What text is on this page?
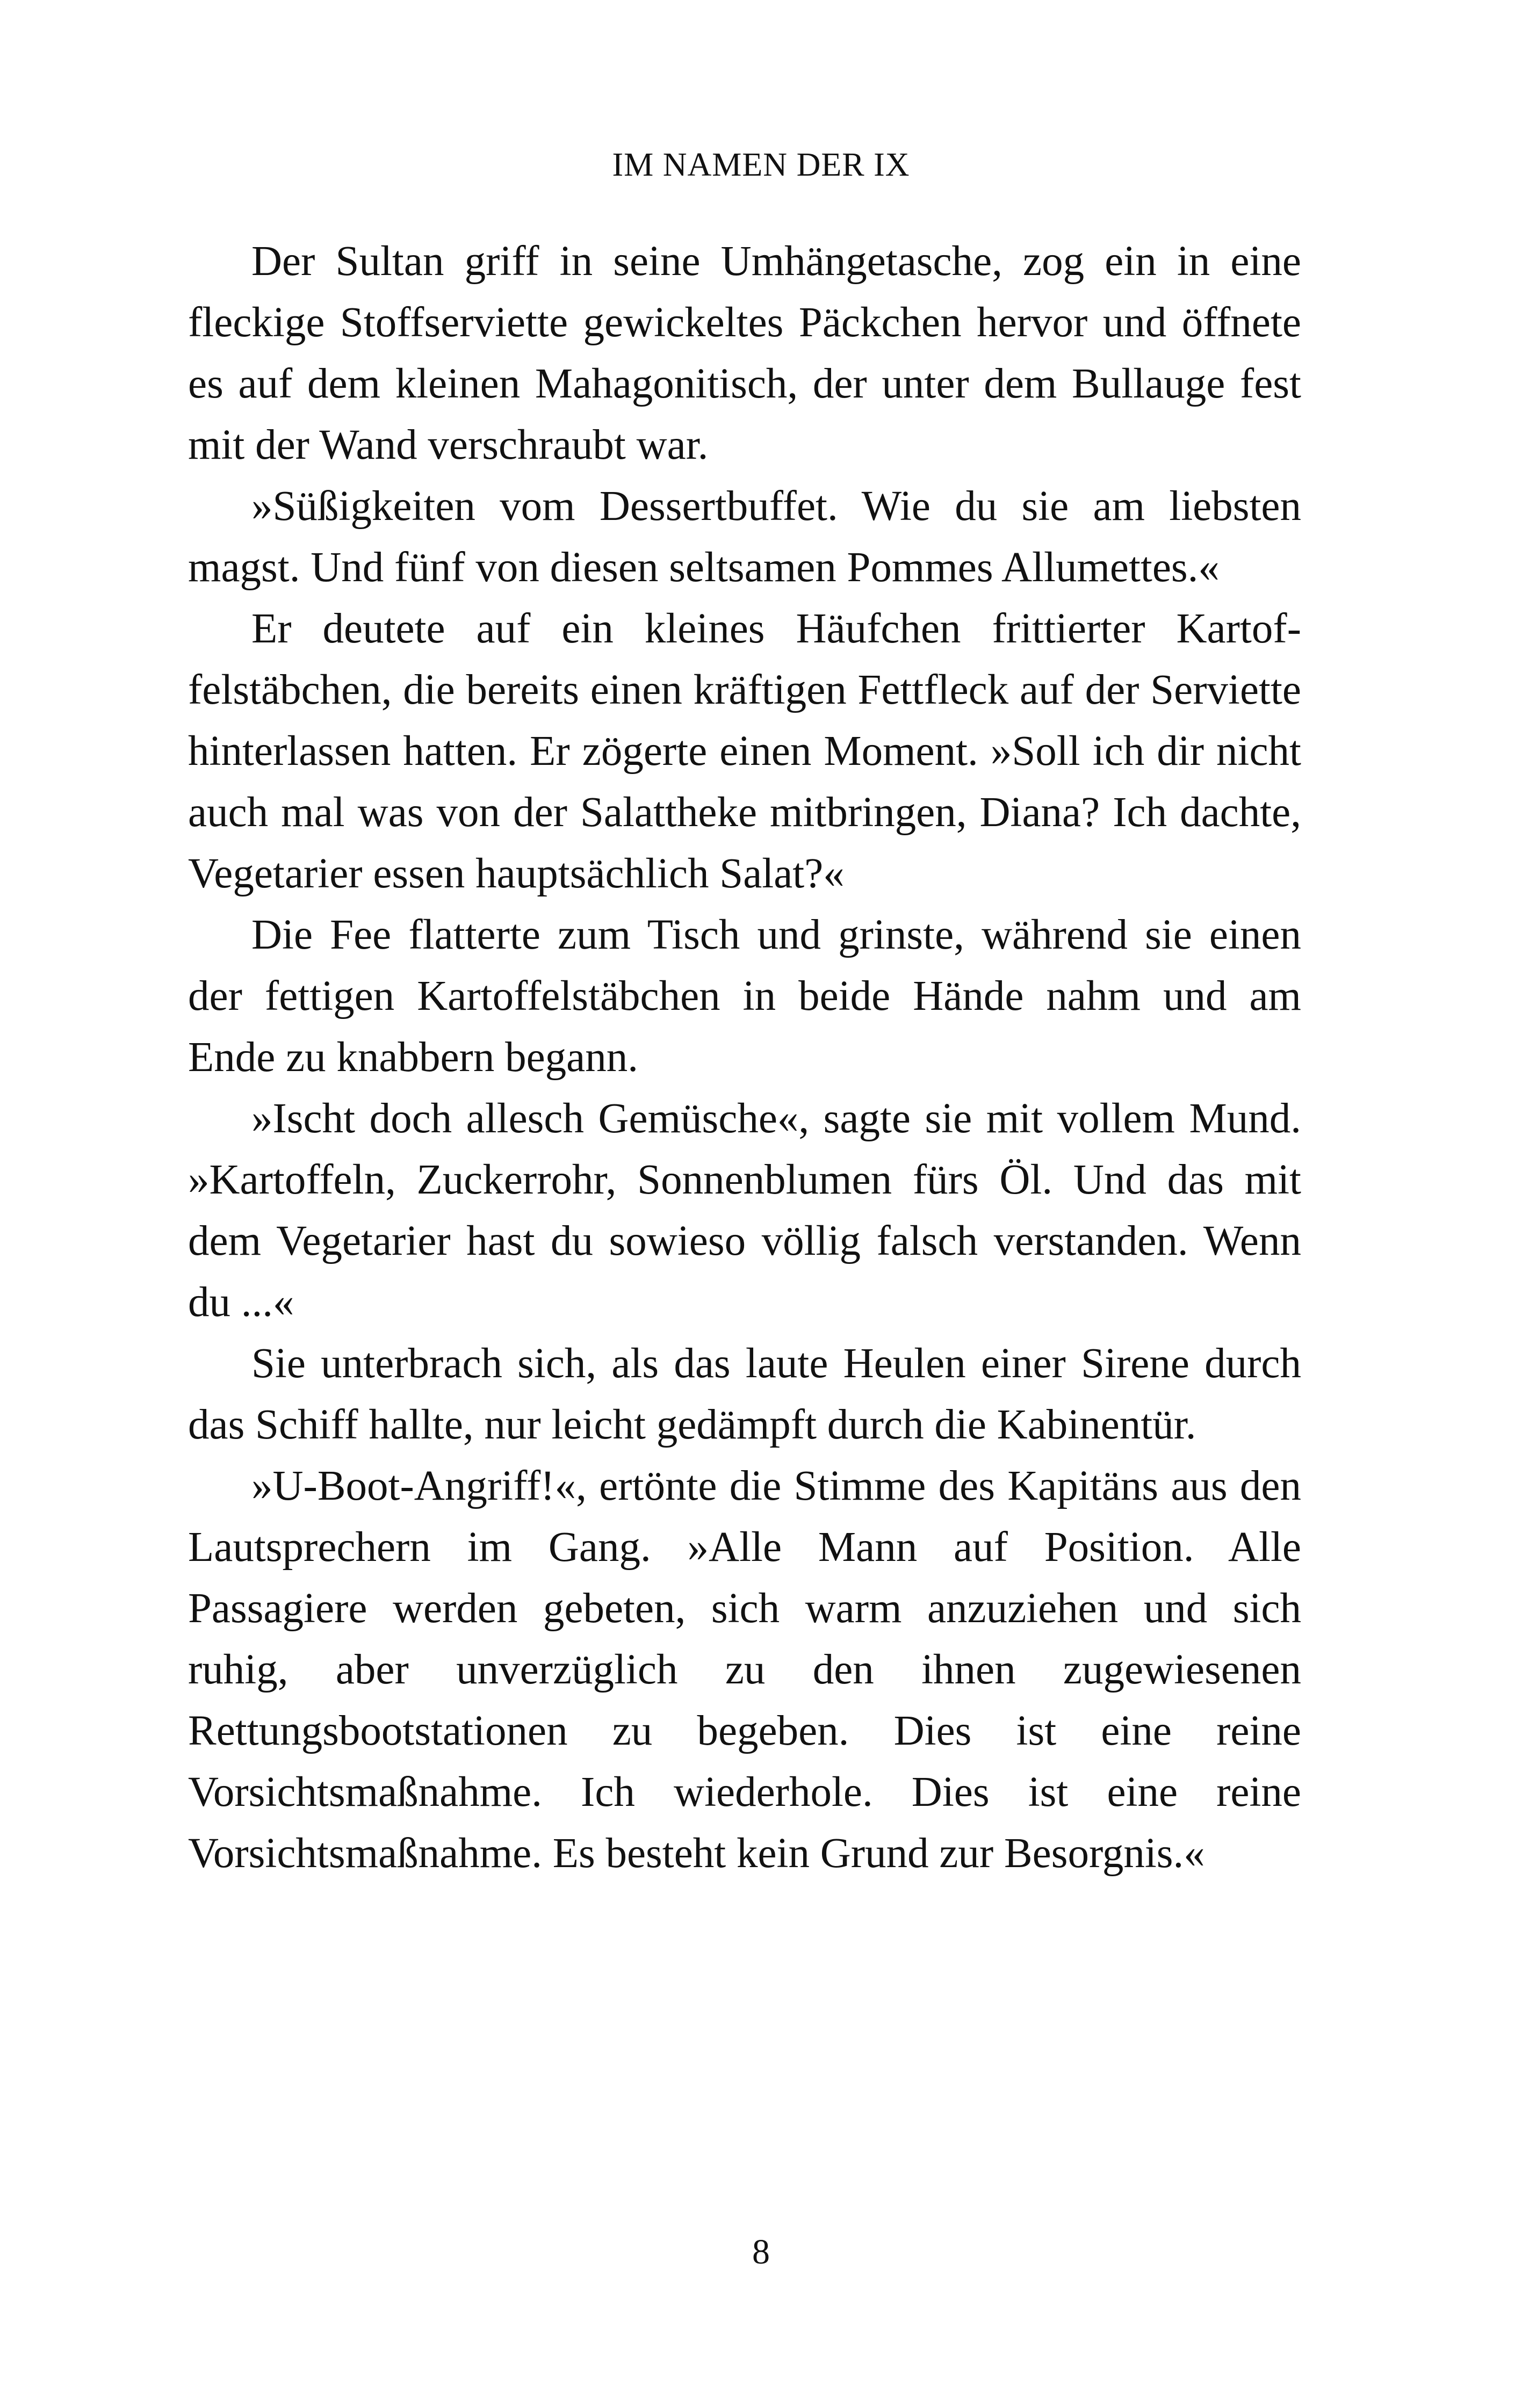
IM NAMEN DER IX

Der Sultan griff in seine Umhängetasche, zog ein in eine fleckige Stoffserviette gewickeltes Päckchen hervor und öffnete es auf dem kleinen Mahagonitisch, der unter dem Bullauge fest mit der Wand verschraubt war.

»Süßigkeiten vom Dessertbuffet. Wie du sie am liebsten magst. Und fünf von diesen seltsamen Pommes Allumettes.«

Er deutete auf ein kleines Häufchen frittierter Kartoffelstäbchen, die bereits einen kräftigen Fettfleck auf der Serviette hinterlassen hatten. Er zögerte einen Moment. »Soll ich dir nicht auch mal was von der Salattheke mitbringen, Diana? Ich dachte, Vegetarier essen hauptsächlich Salat?«

Die Fee flatterte zum Tisch und grinste, während sie einen der fettigen Kartoffelstäbchen in beide Hände nahm und am Ende zu knabbern begann.

»Ischt doch allesch Gemüsche«, sagte sie mit vollem Mund. »Kartoffeln, Zuckerrohr, Sonnenblumen fürs Öl. Und das mit dem Vegetarier hast du sowieso völlig falsch verstanden. Wenn du ...«

Sie unterbrach sich, als das laute Heulen einer Sirene durch das Schiff hallte, nur leicht gedämpft durch die Kabinentür.

»U-Boot-Angriff!«, ertönte die Stimme des Kapitäns aus den Lautsprechern im Gang. »Alle Mann auf Position. Alle Passagiere werden gebeten, sich warm anzuziehen und sich ruhig, aber unverzüglich zu den ihnen zugewiesenen Rettungsbootstationen zu begeben. Dies ist eine reine Vorsichtsmaßnahme. Ich wiederhole. Dies ist eine reine Vorsichtsmaßnahme. Es besteht kein Grund zur Besorgnis.«

8
